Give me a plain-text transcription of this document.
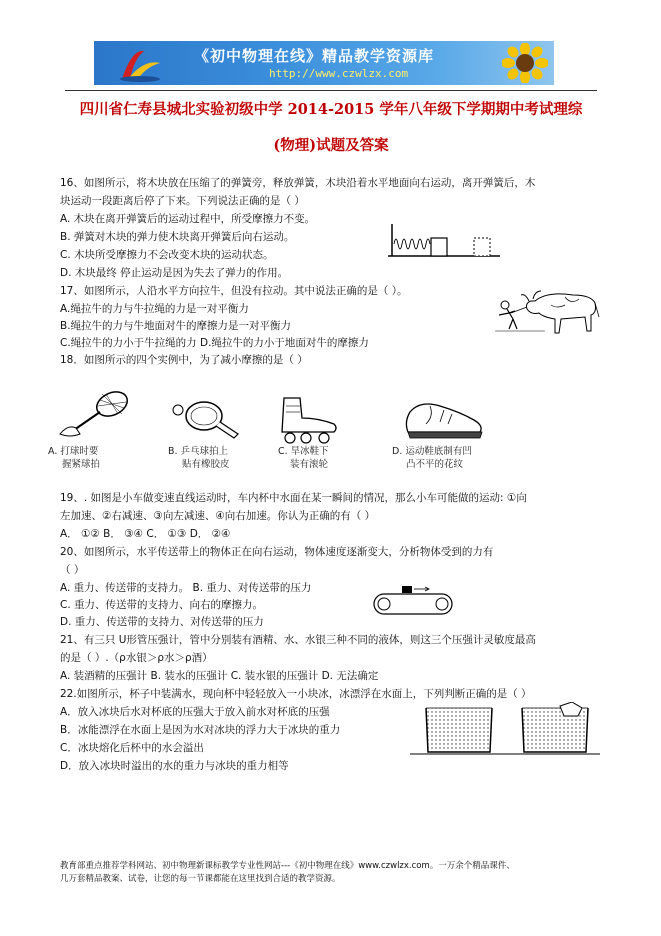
《初中物理在线》精品教学资源库
http://www.czwlzx.com
四川省仁寿县城北实验初级中学 2014-2015 学年八年级下学期期中考试理综
(物理)试题及答案
16、如图所示，将木块放在压缩了的弹簧旁，释放弹簧，木块沿着水平地面向右运动，离开弹簧后，木
块运动一段距离后停了下来。下列说法正确的是（ ）
A. 木块在离开弹簧后的运动过程中，所受摩擦力不变。
B. 弹簧对木块的弹力使木块离开弹簧后向右运动。
C. 木块所受摩擦力不会改变木块的运动状态。
D. 木块最终 停止运动是因为失去了弹力的作用。
17、如图所示，人沿水平方向拉牛，但没有拉动。其中说法正确的是（ ）。
A.绳拉牛的力与牛拉绳的力是一对平衡力
B.绳拉牛的力与牛地面对牛的摩擦力是一对平衡力
C.绳拉牛的力小于牛拉绳的力 D.绳拉牛的力小于地面对牛的摩擦力
18．如图所示的四个实例中，为了减小摩擦的是（ ）
A. 打球时要
握紧球拍
B. 乒乓球拍上
贴有橡胶皮
C. 旱冰鞋下
装有滚轮
D. 运动鞋底制有凹
凸不平的花纹
19、. 如图是小车做变速直线运动时，车内杯中水面在某一瞬间的情况，那么小车可能做的运动: ①向
左加速、②右减速、③向左减速、④向右加速。你认为正确的有（ ）
A． ①② B． ③④ C． ①③ D． ②④
20、如图所示，水平传送带上的物体正在向右运动，物体速度逐渐变大，分析物体受到的力有
（ ）
A. 重力、传送带的支持力。 B. 重力、对传送带的压力
C. 重力、传送带的支持力、向右的摩擦力。
D. 重力、传送带的支持力、对传送带的压力
21、有三只 U形管压强计，管中分别装有酒精、水、水银三种不同的液体，则这三个压强计灵敏度最高
的是（ ）.（ρ水银＞ρ水＞ρ酒）
A. 装酒精的压强计 B. 装水的压强计 C. 装水银的压强计 D. 无法确定
22.如图所示，杯子中装满水，现向杯中轻轻放入一小块冰，冰漂浮在水面上，下列判断正确的是（ ）
A．放入冰块后水对杯底的压强大于放入前水对杯底的压强
B．冰能漂浮在水面上是因为水对冰块的浮力大于冰块的重力
C．冰块熔化后杯中的水会溢出
D．放入冰块时溢出的水的重力与冰块的重力相等
教育部重点推荐学科网站、初中物理新课标教学专业性网站---《初中物理在线》www.czwlzx.com。一万余个精品课件、
几万套精品教案、试卷，让您的每一节课都能在这里找到合适的教学资源。
